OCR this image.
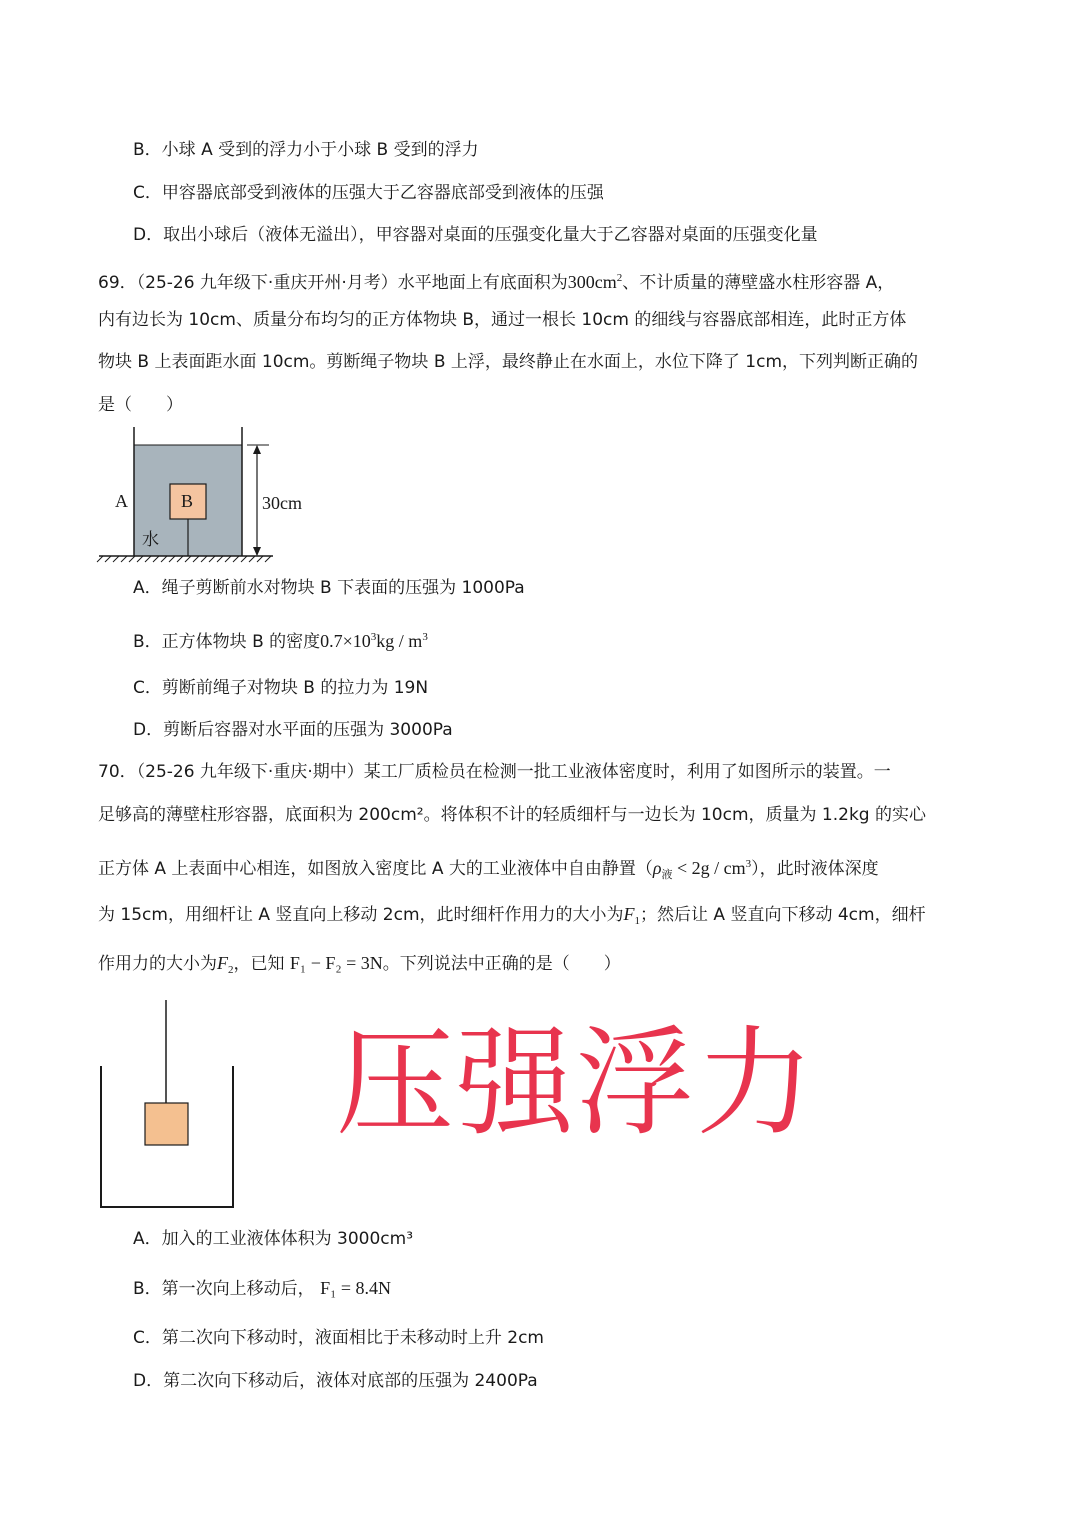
B．小球 A 受到的浮力小于小球 B 受到的浮力
C．甲容器底部受到液体的压强大于乙容器底部受到液体的压强
D．取出小球后（液体无溢出），甲容器对桌面的压强变化量大于乙容器对桌面的压强变化量
69．（25-26 九年级下·重庆开州·月考）水平地面上有底面积为$300cm^2$、不计质量的薄壁盛水柱形容器 A，
内有边长为 10cm、质量分布均匀的正方体物块 B，通过一根长 10cm 的细线与容器底部相连，此时正方体
物块 B 上表面距水面 10cm。剪断绳子物块 B 上浮，最终静止在水面上，水位下降了 1cm，下列判断正确的
是（　　）
A	B
水
30cm
A．绳子剪断前水对物块 B 下表面的压强为 1000Pa
B．正方体物块 B 的密度$0.7\times 10^3kg / m^3$
C．剪断前绳子对物块 B 的拉力为 19N
D．剪断后容器对水平面的压强为 3000Pa
70．（25-26 九年级下·重庆·期中）某工厂质检员在检测一批工业液体密度时，利用了如图所示的装置。一
足够高的薄壁柱形容器，底面积为 200cm²。将体积不计的轻质细杆与一边长为 10cm，质量为 1.2kg 的实心
正方体 A 上表面中心相连，如图放入密度比 A 大的工业液体中自由静置$(\rho_液 < 2g / cm^3)$，此时液体深度
为 15cm，用细杆让 A 竖直向上移动 2cm，此时细杆作用力的大小为$F_1$；然后让 A 竖直向下移动 4cm，细杆
作用力的大小为$F_2$，已知 F₁ − F₂ = 3N。下列说法中正确的是（　　）
压强浮力
A．加入的工业液体体积为 3000cm³
B．第一次向上移动后， F₁ = 8.4N
C．第二次向下移动时，液面相比于未移动时上升 2cm
D．第二次向下移动后，液体对底部的压强为 2400Pa
